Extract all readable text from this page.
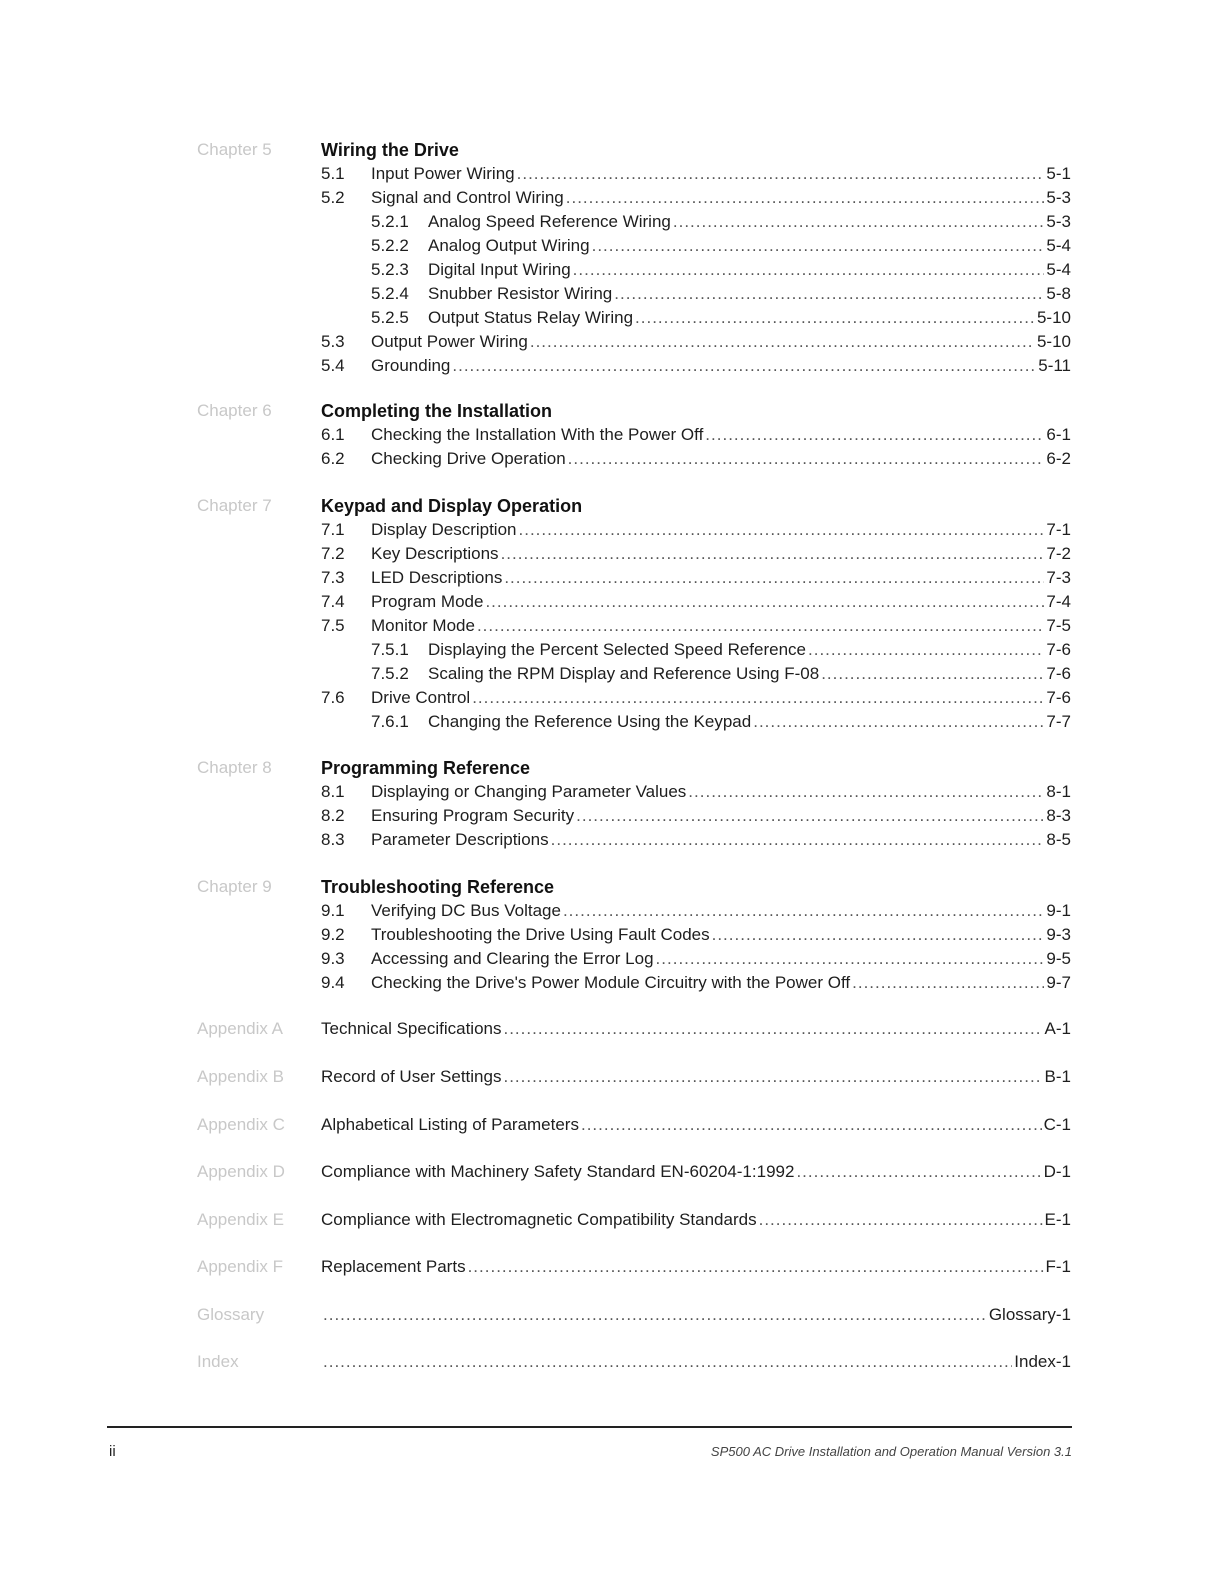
Chapter 5	Wiring the Drive
5.1 Input Power Wiring .....	5-1
5.2 Signal and Control Wiring .....	5-3
5.2.1 Analog Speed Reference Wiring .....	5-3
5.2.2 Analog Output Wiring .....	5-4
5.2.3 Digital Input Wiring .....	5-4
5.2.4 Snubber Resistor Wiring .....	5-8
5.2.5 Output Status Relay Wiring .....	5-10
5.3 Output Power Wiring .....	5-10
5.4 Grounding .....	5-11
Chapter 6	Completing the Installation
6.1 Checking the Installation With the Power Off .....	6-1
6.2 Checking Drive Operation .....	6-2
Chapter 7	Keypad and Display Operation
7.1 Display Description .....	7-1
7.2 Key Descriptions .....	7-2
7.3 LED Descriptions .....	7-3
7.4 Program Mode .....	7-4
7.5 Monitor Mode .....	7-5
7.5.1 Displaying the Percent Selected Speed Reference .....	7-6
7.5.2 Scaling the RPM Display and Reference Using F-08 .....	7-6
7.6 Drive Control .....	7-6
7.6.1 Changing the Reference Using the Keypad .....	7-7
Chapter 8	Programming Reference
8.1 Displaying or Changing Parameter Values .....	8-1
8.2 Ensuring Program Security .....	8-3
8.3 Parameter Descriptions .....	8-5
Chapter 9	Troubleshooting Reference
9.1 Verifying DC Bus Voltage .....	9-1
9.2 Troubleshooting the Drive Using Fault Codes .....	9-3
9.3 Accessing and Clearing the Error Log .....	9-5
9.4 Checking the Drive's Power Module Circuitry with the Power Off .....	9-7
Appendix A Technical Specifications .....	A-1
Appendix B Record of User Settings .....	B-1
Appendix C Alphabetical Listing of Parameters .....	C-1
Appendix D Compliance with Machinery Safety Standard EN-60204-1:1992 .....	D-1
Appendix E Compliance with Electromagnetic Compatibility Standards .....	E-1
Appendix F Replacement Parts .....	F-1
Glossary .....	Glossary-1
Index .....	Index-1
ii	SP500 AC Drive Installation and Operation Manual Version 3.1
